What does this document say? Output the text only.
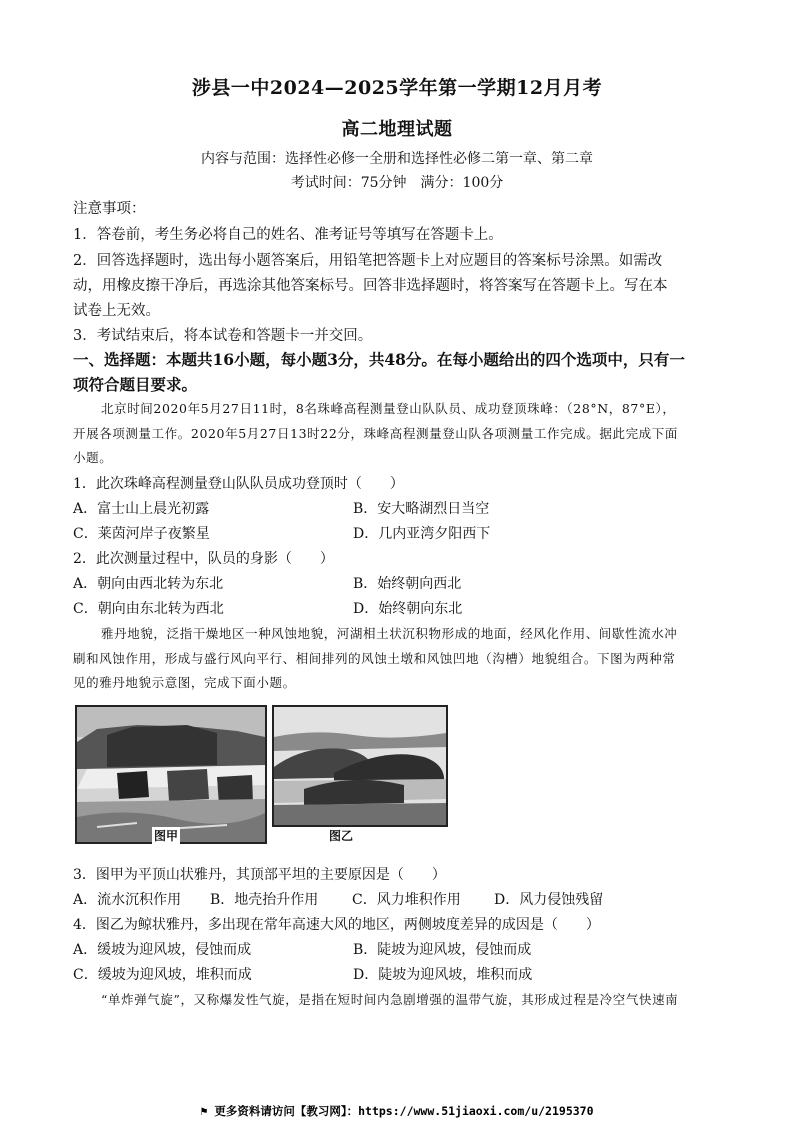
涉县一中2024—2025学年第一学期12月月考
高二地理试题
内容与范围：选择性必修一全册和选择性必修二第一章、第二章
考试时间：75分钟　满分：100分
注意事项：
1．答卷前，考生务必将自己的姓名、准考证号等填写在答题卡上。
2．回答选择题时，选出每小题答案后，用铅笔把答题卡上对应题目的答案标号涂黑。如需改
动，用橡皮擦干净后，再选涂其他答案标号。回答非选择题时，将答案写在答题卡上。写在本
试卷上无效。
3．考试结束后，将本试卷和答题卡一并交回。
一、选择题：本题共16小题，每小题3分，共48分。在每小题给出的四个选项中，只有一
项符合题目要求。
北京时间2020年5月27日11时，8名珠峰高程测量登山队队员、成功登顶珠峰：（28°N，87°E），
开展各项测量工作。2020年5月27日13时22分，珠峰高程测量登山队各项测量工作完成。据此完成下面
小题。
1．此次珠峰高程测量登山队队员成功登顶时（　　）
A．富士山上晨光初露	B．安大略湖烈日当空
C．莱茵河岸子夜繁星	D．几内亚湾夕阳西下
2．此次测量过程中，队员的身影（　　）
A．朝向由西北转为东北	B．始终朝向西北
C．朝向由东北转为西北	D．始终朝向东北
雅丹地貌，泛指干燥地区一种风蚀地貌，河湖相土状沉积物形成的地面，经风化作用、间歇性流水冲
刷和风蚀作用，形成与盛行风向平行、相间排列的风蚀土墩和风蚀凹地（沟槽）地貌组合。下图为两种常
见的雅丹地貌示意图，完成下面小题。
图甲	图乙
3．图甲为平顶山状雅丹，其顶部平坦的主要原因是（　　）
A．流水沉积作用 B．地壳抬升作用 C．风力堆积作用 D．风力侵蚀残留
4．图乙为鲸状雅丹，多出现在常年高速大风的地区，两侧坡度差异的成因是（　　）
A．缓坡为迎风坡，侵蚀而成	B．陡坡为迎风坡，侵蚀而成
C．缓坡为迎风坡，堆积而成	D．陡坡为迎风坡，堆积而成
“单炸弹气旋”，又称爆发性气旋，是指在短时间内急剧增强的温带气旋，其形成过程是冷空气快速南
⚑ 更多资料请访问【教习网】：https://www.51jiaoxi.com/u/2195370
